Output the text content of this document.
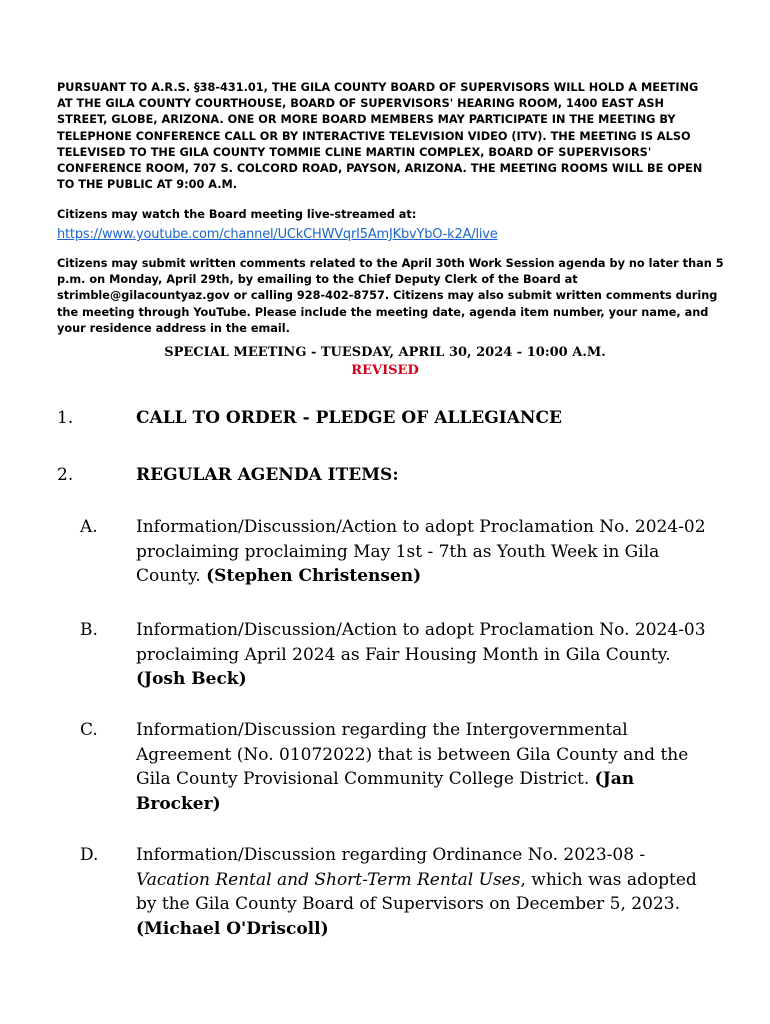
PURSUANT TO A.R.S. §38-431.01, THE GILA COUNTY BOARD OF SUPERVISORS WILL HOLD A MEETING AT THE GILA COUNTY COURTHOUSE, BOARD OF SUPERVISORS' HEARING ROOM, 1400 EAST ASH STREET, GLOBE, ARIZONA. ONE OR MORE BOARD MEMBERS MAY PARTICIPATE IN THE MEETING BY TELEPHONE CONFERENCE CALL OR BY INTERACTIVE TELEVISION VIDEO (ITV). THE MEETING IS ALSO TELEVISED TO THE GILA COUNTY TOMMIE CLINE MARTIN COMPLEX, BOARD OF SUPERVISORS' CONFERENCE ROOM, 707 S. COLCORD ROAD, PAYSON, ARIZONA. THE MEETING ROOMS WILL BE OPEN TO THE PUBLIC AT 9:00 A.M.

Citizens may watch the Board meeting live-streamed at:

https://www.youtube.com/channel/UCkCHWVqrI5AmJKbvYbO-k2A/live

Citizens may submit written comments related to the April 30th Work Session agenda by no later than 5 p.m. on Monday, April 29th, by emailing to the Chief Deputy Clerk of the Board at strimble@gilacountyaz.gov or calling 928-402-8757. Citizens may also submit written comments during the meeting through YouTube. Please include the meeting date, agenda item number, your name, and your residence address in the email.

SPECIAL MEETING - TUESDAY, APRIL 30, 2024 - 10:00 A.M.
REVISED
1.	CALL TO ORDER - PLEDGE OF ALLEGIANCE
2.	REGULAR AGENDA ITEMS:
A. Information/Discussion/Action to adopt Proclamation No. 2024-02 proclaiming proclaiming May 1st - 7th as Youth Week in Gila County. (Stephen Christensen)

B. Information/Discussion/Action to adopt Proclamation No. 2024-03 proclaiming April 2024 as Fair Housing Month in Gila County. (Josh Beck)

C. Information/Discussion regarding the Intergovernmental Agreement (No. 01072022) that is between Gila County and the Gila County Provisional Community College District. (Jan Brocker)

D. Information/Discussion regarding Ordinance No. 2023-08 - Vacation Rental and Short-Term Rental Uses, which was adopted by the Gila County Board of Supervisors on December 5, 2023. (Michael O'Driscoll)
